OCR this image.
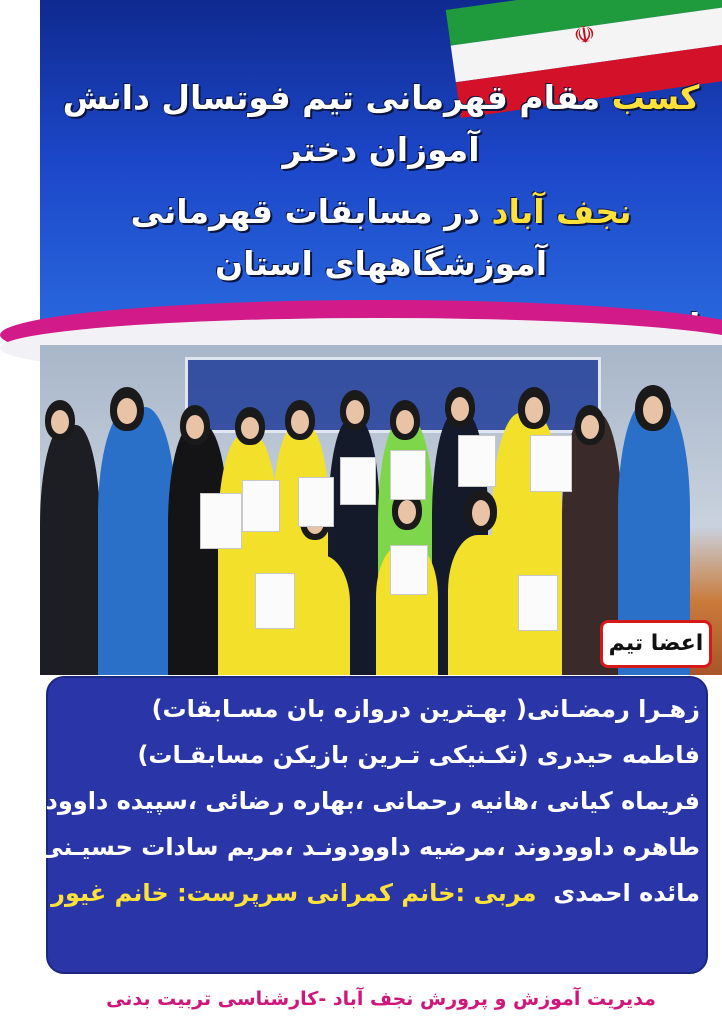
☫

کسب مقام قهرمانی تیم فوتسال دانش آموزان دختر

نجف آباد در مسابقات قهرمانی آموزشگاههای استان

اعضا تیم

زهـرا رمضـانی( بهـترین دروازه بان مسـابقات)

فاطمه حیدری (تکـنیکی تـرین بازیکن مسابقـات)

فریماه کیانی ،هانیه رحمانی ،بهاره رضائی ،سپیده داوودوند

طاهره داوودوند ،مرضیه داوودونـد ،مریم سادات حسیـنی

مائده احمدی  مربی :خانم کمرانی سرپرست: خانم غیور

مدیریت آموزش و پرورش نجف آباد -کارشناسی تربیت بدنی
